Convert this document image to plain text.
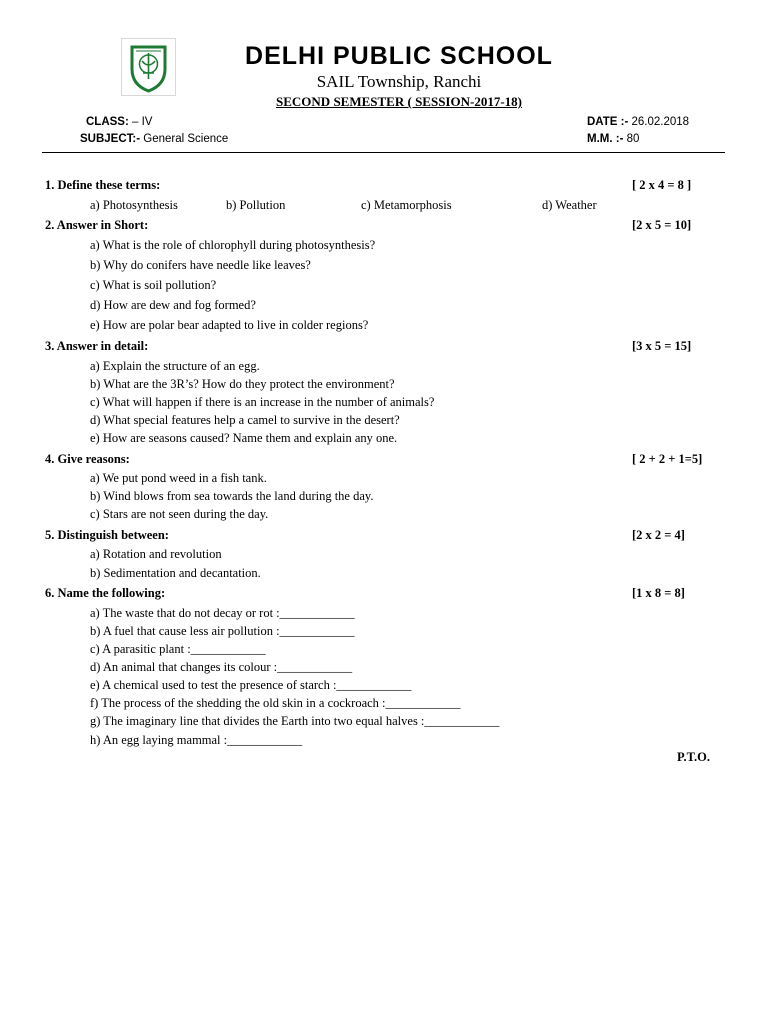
DELHI PUBLIC SCHOOL
SAIL Township, Ranchi
SECOND SEMESTER ( SESSION-2017-18)
CLASS: – IV
SUBJECT:- General Science
DATE :- 26.02.2018
M.M. :- 80
1. Define these terms:	[ 2 x 4 = 8 ]
a) Photosynthesis	b) Pollution	c) Metamorphosis	d) Weather
2. Answer in Short:	[2 x 5 = 10]
a) What is the role of chlorophyll during photosynthesis?
b) Why do conifers have needle like leaves?
c) What is soil pollution?
d) How are dew and fog formed?
e) How are polar bear adapted to live in colder regions?
3. Answer in detail:	[3 x 5 = 15]
a) Explain the structure of an egg.
b) What are the 3R’s? How do they protect the environment?
c) What will happen if there is an increase in the number of animals?
d) What special features help a camel to survive in the desert?
e) How are seasons caused? Name them and explain any one.
4. Give reasons:	[ 2 + 2 + 1=5]
a) We put pond weed in a fish tank.
b) Wind blows from sea towards the land during the day.
c) Stars are not seen during the day.
5. Distinguish between:	[2 x 2 = 4]
a) Rotation and revolution
b) Sedimentation and decantation.
6. Name the following:	[1 x 8 = 8]
a) The waste that do not decay or rot :____________
b) A fuel that cause less air pollution :____________
c) A parasitic plant :____________
d) An animal that changes its colour :____________
e) A chemical used to test the presence of starch :____________
f) The process of the shedding the old skin in a cockroach :____________
g) The imaginary line that divides the Earth into two equal halves :____________
h) An egg laying mammal :____________
P.T.O.
